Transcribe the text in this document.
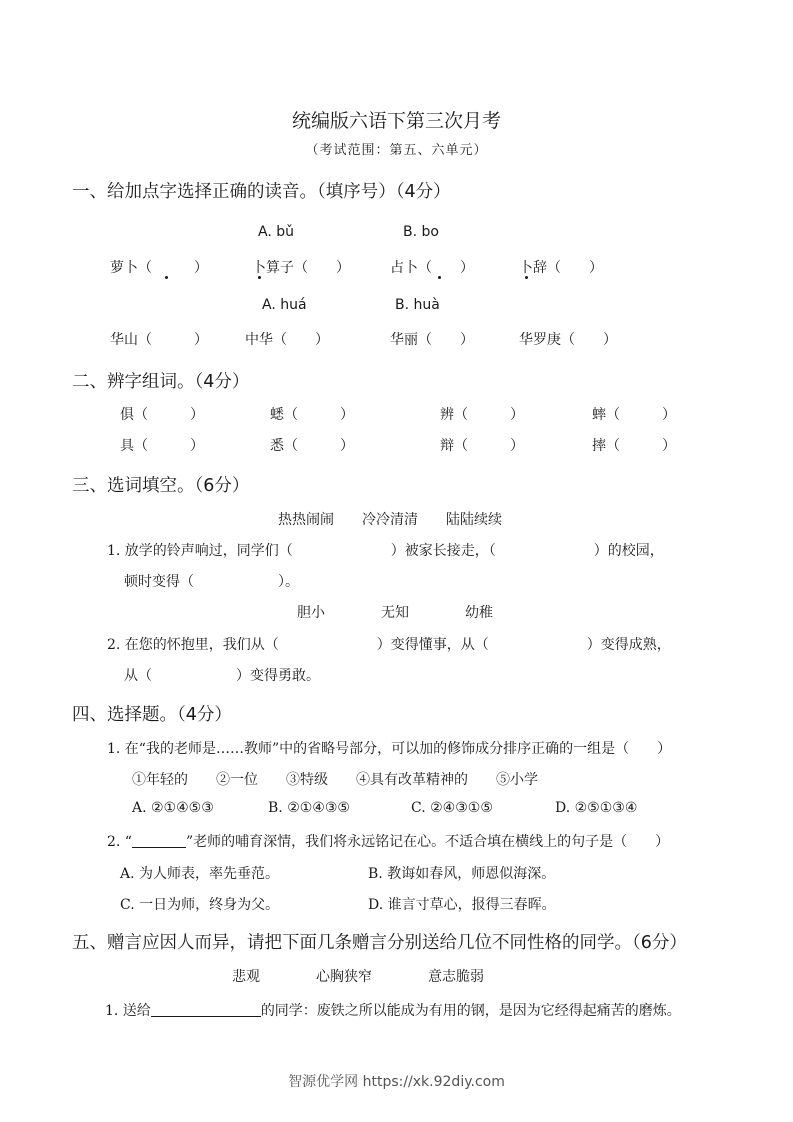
统编版六语下第三次月考
（考试范围：第五、六单元）
一、给加点字选择正确的读音。（填序号）（4分）
A. bǔ	B. bo
萝卜（　　　）	卜算子（　　）	占卜（　　）	卜辞（　　）
A. huá	B. huà
华山（　　　）	中华（　　）	华丽（　　）	华罗庚（　　）
二、辨字组词。（4分）
俱（　　　）	蟋（　　　）	辨（　　　）	蟀（　　　）
具（　　　）	悉（　　　）	辩（　　　）	摔（　　　）
三、选词填空。（6分）
热热闹闹　　冷冷清清　　陆陆续续
1. 放学的铃声响过，同学们（　　　　　　　）被家长接走，（　　　　　　　）的校园，
顿时变得（　　　　　　）。
胆小　　　　无知　　　　幼稚
2. 在您的怀抱里，我们从（　　　　　　　）变得懂事，从（　　　　　　　）变得成熟，
从（　　　　　　）变得勇敢。
四、选择题。（4分）
1. 在“我的老师是……教师”中的省略号部分，可以加的修饰成分排序正确的一组是（　　）
①年轻的　　②一位　　③特级　　④具有改革精神的　　⑤小学
A. ②①④⑤③	B. ②①④③⑤	C. ②④③①⑤	D. ②⑤①③④
2. “	”老师的哺育深情，我们将永远铭记在心。不适合填在横线上的句子是（　　）
A. 为人师表，率先垂范。	B. 教诲如春风，师恩似海深。
C. 一日为师，终身为父。	D. 谁言寸草心，报得三春晖。
五、赠言应因人而异，请把下面几条赠言分别送给几位不同性格的同学。（6分）
悲观　　　　心胸狭窄　　　　意志脆弱
1. 送给	的同学：废铁之所以能成为有用的钢，是因为它经得起痛苦的磨炼。
智源优学网 https://xk.92diy.com
